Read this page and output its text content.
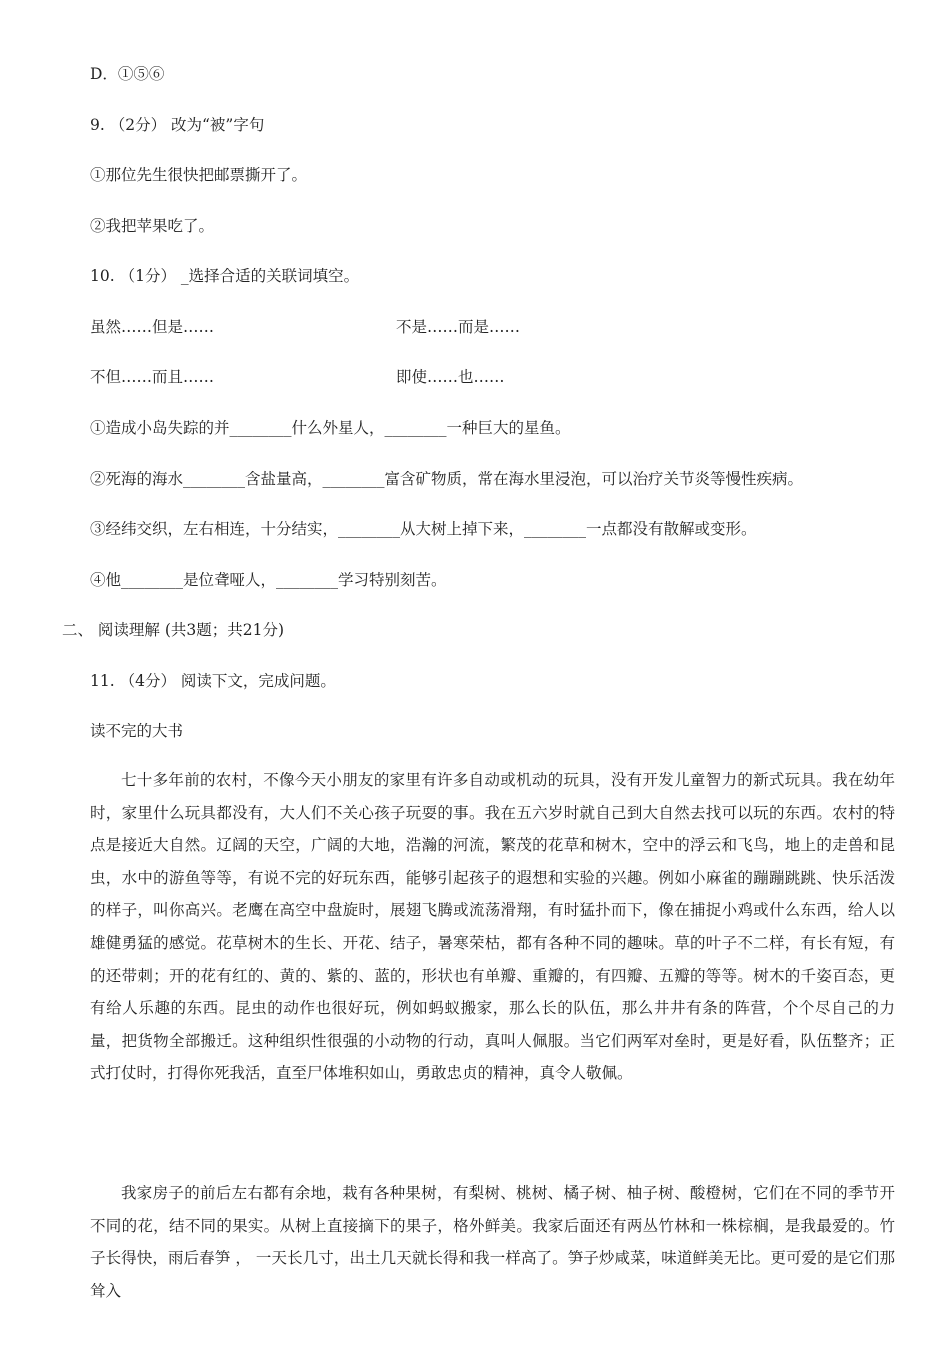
D．①⑤⑥
9. （2分） 改为“被”字句
①那位先生很快把邮票撕开了。
②我把苹果吃了。
10. （1分） _选择合适的关联词填空。
虽然……但是……	不是……而是……
不但……而且……	即使……也……
①造成小岛失踪的并________什么外星人，________一种巨大的星鱼。
②死海的海水________含盐量高，________富含矿物质，常在海水里浸泡，可以治疗关节炎等慢性疾病。
③经纬交织，左右相连，十分结实，________从大树上掉下来，________一点都没有散解或变形。
④他________是位聋哑人，________学习特别刻苦。
二、 阅读理解 (共3题；共21分)
11. （4分） 阅读下文，完成问题。
读不完的大书

七十多年前的农村，不像今天小朋友的家里有许多自动或机动的玩具，没有开发儿童智力的新式玩具。我在幼年时，家里什么玩具都没有，大人们不关心孩子玩耍的事。我在五六岁时就自己到大自然去找可以玩的东西。农村的特点是接近大自然。辽阔的天空，广阔的大地，浩瀚的河流，繁茂的花草和树木，空中的浮云和飞鸟，地上的走兽和昆虫，水中的游鱼等等，有说不完的好玩东西，能够引起孩子的遐想和实验的兴趣。例如小麻雀的蹦蹦跳跳、快乐活泼的样子，叫你高兴。老鹰在高空中盘旋时，展翅飞腾或流荡滑翔，有时猛扑而下，像在捕捉小鸡或什么东西，给人以雄健勇猛的感觉。花草树木的生长、开花、结子，暑寒荣枯，都有各种不同的趣味。草的叶子不二样，有长有短，有的还带刺；开的花有红的、黄的、紫的、蓝的，形状也有单瓣、重瓣的，有四瓣、五瓣的等等。树木的千姿百态，更有给人乐趣的东西。昆虫的动作也很好玩，例如蚂蚁搬家，那么长的队伍，那么井井有条的阵营，个个尽自己的力量，把货物全部搬迁。这种组织性很强的小动物的行动，真叫人佩服。当它们两军对垒时，更是好看，队伍整齐；正式打仗时，打得你死我活，直至尸体堆积如山，勇敢忠贞的精神，真令人敬佩。

我家房子的前后左右都有余地，栽有各种果树，有梨树、桃树、橘子树、柚子树、酸橙树，它们在不同的季节开不同的花，结不同的果实。从树上直接摘下的果子，格外鲜美。我家后面还有两丛竹林和一株棕榈，是我最爱的。竹子长得快，雨后春笋 ， 一天长几寸，出土几天就长得和我一样高了。笋子炒咸菜，味道鲜美无比。更可爱的是它们那耸入
